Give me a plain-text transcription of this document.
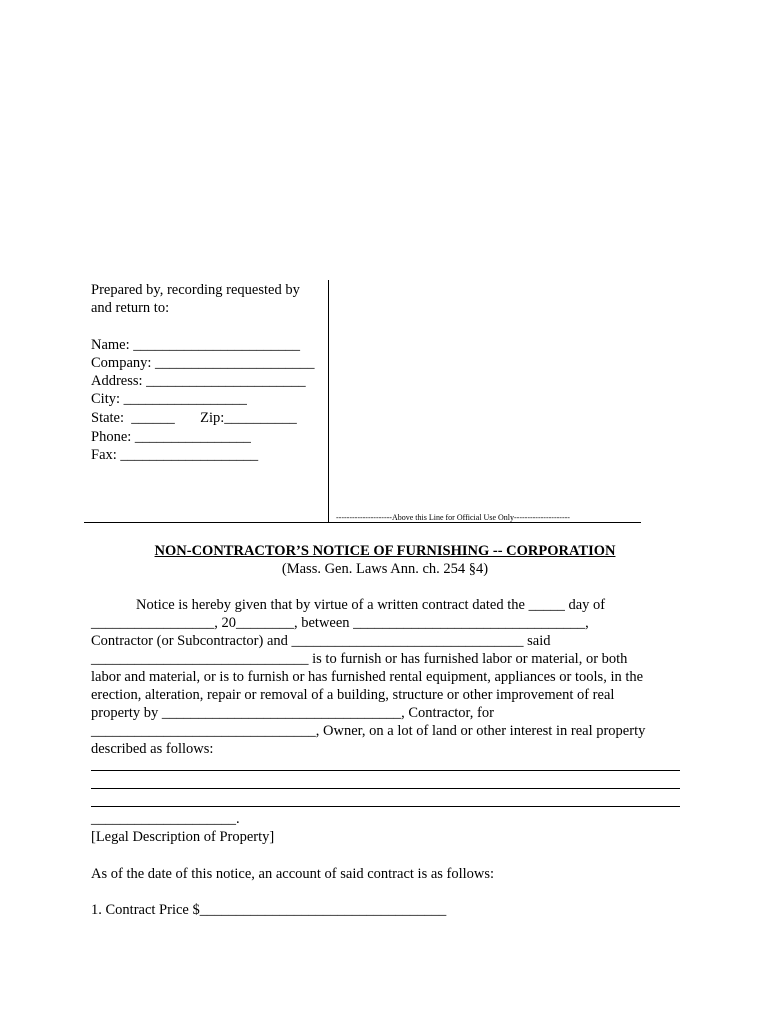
---------------------Above this Line for Official Use Only---------------------
Prepared by, recording requested by
and return to:
Name: _______________________
Company: ______________________
Address: ______________________
City: _________________
State:  ______       Zip:__________
Phone: ________________
Fax: ___________________
NON-CONTRACTOR’S NOTICE OF FURNISHING -- CORPORATION
(Mass. Gen. Laws Ann. ch. 254 §4)
Notice is hereby given that by virtue of a written contract dated the _____ day of
_________________, 20________, between ________________________________,
Contractor (or Subcontractor) and ________________________________ said
______________________________ is to furnish or has furnished labor or material, or both
labor and material, or is to furnish or has furnished rental equipment, appliances or tools, in the
erection, alteration, repair or removal of a building, structure or other improvement of real
property by _________________________________, Contractor, for
_______________________________, Owner, on a lot of land or other interest in real property
described as follows:
____________________.
[Legal Description of Property]
As of the date of this notice, an account of said contract is as follows:
1. Contract Price $__________________________________
